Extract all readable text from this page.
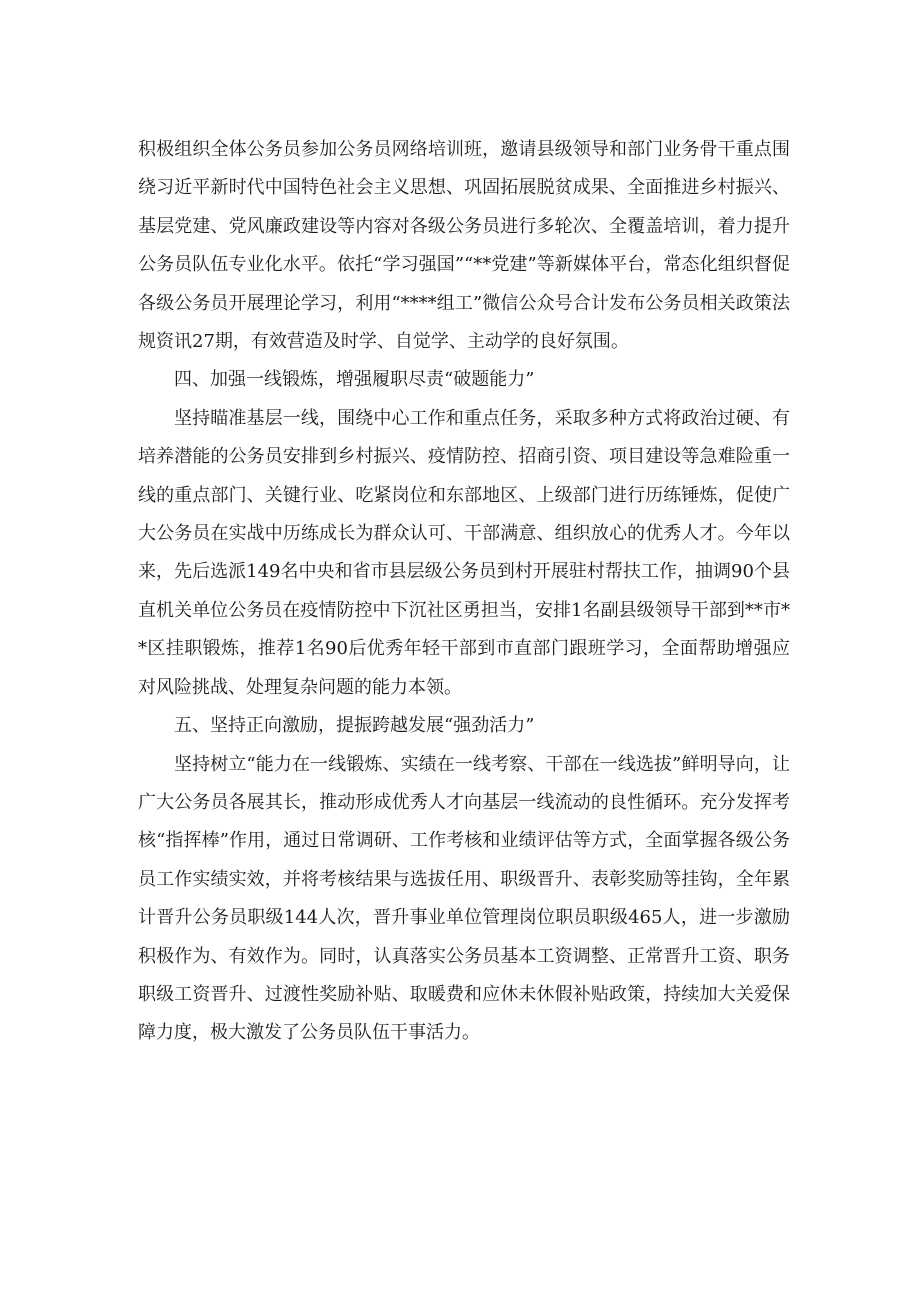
积极组织全体公务员参加公务员网络培训班，邀请县级领导和部门业务骨干重点围绕习近平新时代中国特色社会主义思想、巩固拓展脱贫成果、全面推进乡村振兴、基层党建、党风廉政建设等内容对各级公务员进行多轮次、全覆盖培训，着力提升公务员队伍专业化水平。依托“学习强国”“**党建”等新媒体平台，常态化组织督促各级公务员开展理论学习，利用“****组工”微信公众号合计发布公务员相关政策法规资讯27期，有效营造及时学、自觉学、主动学的良好氛围。

四、加强一线锻炼，增强履职尽责“破题能力”

坚持瞄准基层一线，围绕中心工作和重点任务，采取多种方式将政治过硬、有培养潜能的公务员安排到乡村振兴、疫情防控、招商引资、项目建设等急难险重一线的重点部门、关键行业、吃紧岗位和东部地区、上级部门进行历练锤炼，促使广大公务员在实战中历练成长为群众认可、干部满意、组织放心的优秀人才。今年以来，先后选派149名中央和省市县层级公务员到村开展驻村帮扶工作，抽调90个县直机关单位公务员在疫情防控中下沉社区勇担当，安排1名副县级领导干部到**市**区挂职锻炼，推荐1名90后优秀年轻干部到市直部门跟班学习，全面帮助增强应对风险挑战、处理复杂问题的能力本领。

五、坚持正向激励，提振跨越发展“强劲活力”

坚持树立“能力在一线锻炼、实绩在一线考察、干部在一线选拔”鲜明导向，让广大公务员各展其长，推动形成优秀人才向基层一线流动的良性循环。充分发挥考核“指挥棒”作用，通过日常调研、工作考核和业绩评估等方式，全面掌握各级公务员工作实绩实效，并将考核结果与选拔任用、职级晋升、表彰奖励等挂钩，全年累计晋升公务员职级144人次，晋升事业单位管理岗位职员职级465人，进一步激励积极作为、有效作为。同时，认真落实公务员基本工资调整、正常晋升工资、职务职级工资晋升、过渡性奖励补贴、取暖费和应休未休假补贴政策，持续加大关爱保障力度，极大激发了公务员队伍干事活力。
